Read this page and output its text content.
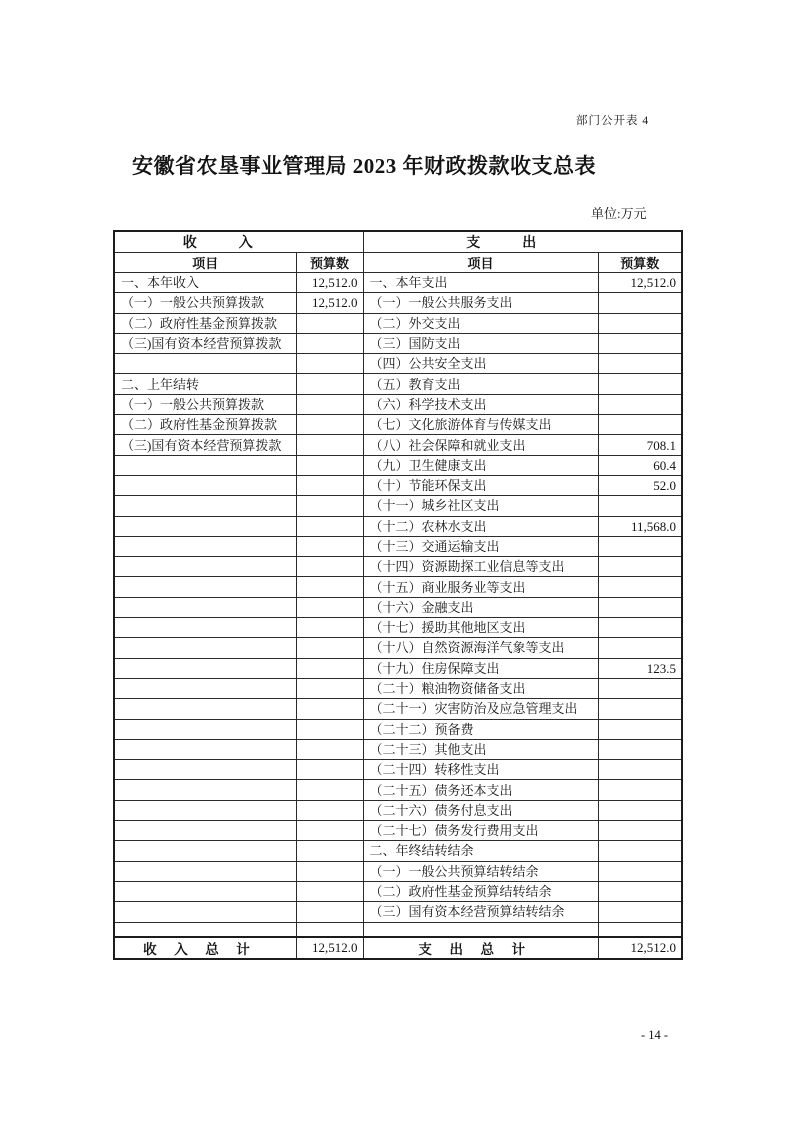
部门公开表 4
安徽省农垦事业管理局 2023 年财政拨款收支总表
单位:万元
收入		支出	
项目	预算数	项目	预算数
一、本年收入	12,512.0	一、本年支出	12,512.0
（一）一般公共预算拨款	12,512.0	（一）一般公共服务支出	
（二）政府性基金预算拨款		（二）外交支出	
（三)国有资本经营预算拨款		（三）国防支出	
		（四）公共安全支出	
二、上年结转		（五）教育支出	
（一）一般公共预算拨款		（六）科学技术支出	
（二）政府性基金预算拨款		（七）文化旅游体育与传媒支出	
（三)国有资本经营预算拨款		（八）社会保障和就业支出	708.1
		（九）卫生健康支出	60.4
		（十）节能环保支出	52.0
		（十一）城乡社区支出	
		（十二）农林水支出	11,568.0
		（十三）交通运输支出	
		（十四）资源勘探工业信息等支出	
		（十五）商业服务业等支出	
		（十六）金融支出	
		（十七）援助其他地区支出	
		（十八）自然资源海洋气象等支出	
		（十九）住房保障支出	123.5
		（二十）粮油物资储备支出	
		（二十一）灾害防治及应急管理支出	
		（二十二）预备费	
		（二十三）其他支出	
		（二十四）转移性支出	
		（二十五）债务还本支出	
		（二十六）债务付息支出	
		（二十七）债务发行费用支出	
		二、年终结转结余	
		（一）一般公共预算结转结余	
		（二）政府性基金预算结转结余	
		（三）国有资本经营预算结转结余	

收入总计	12,512.0	支出总计	12,512.0
- 14 -
